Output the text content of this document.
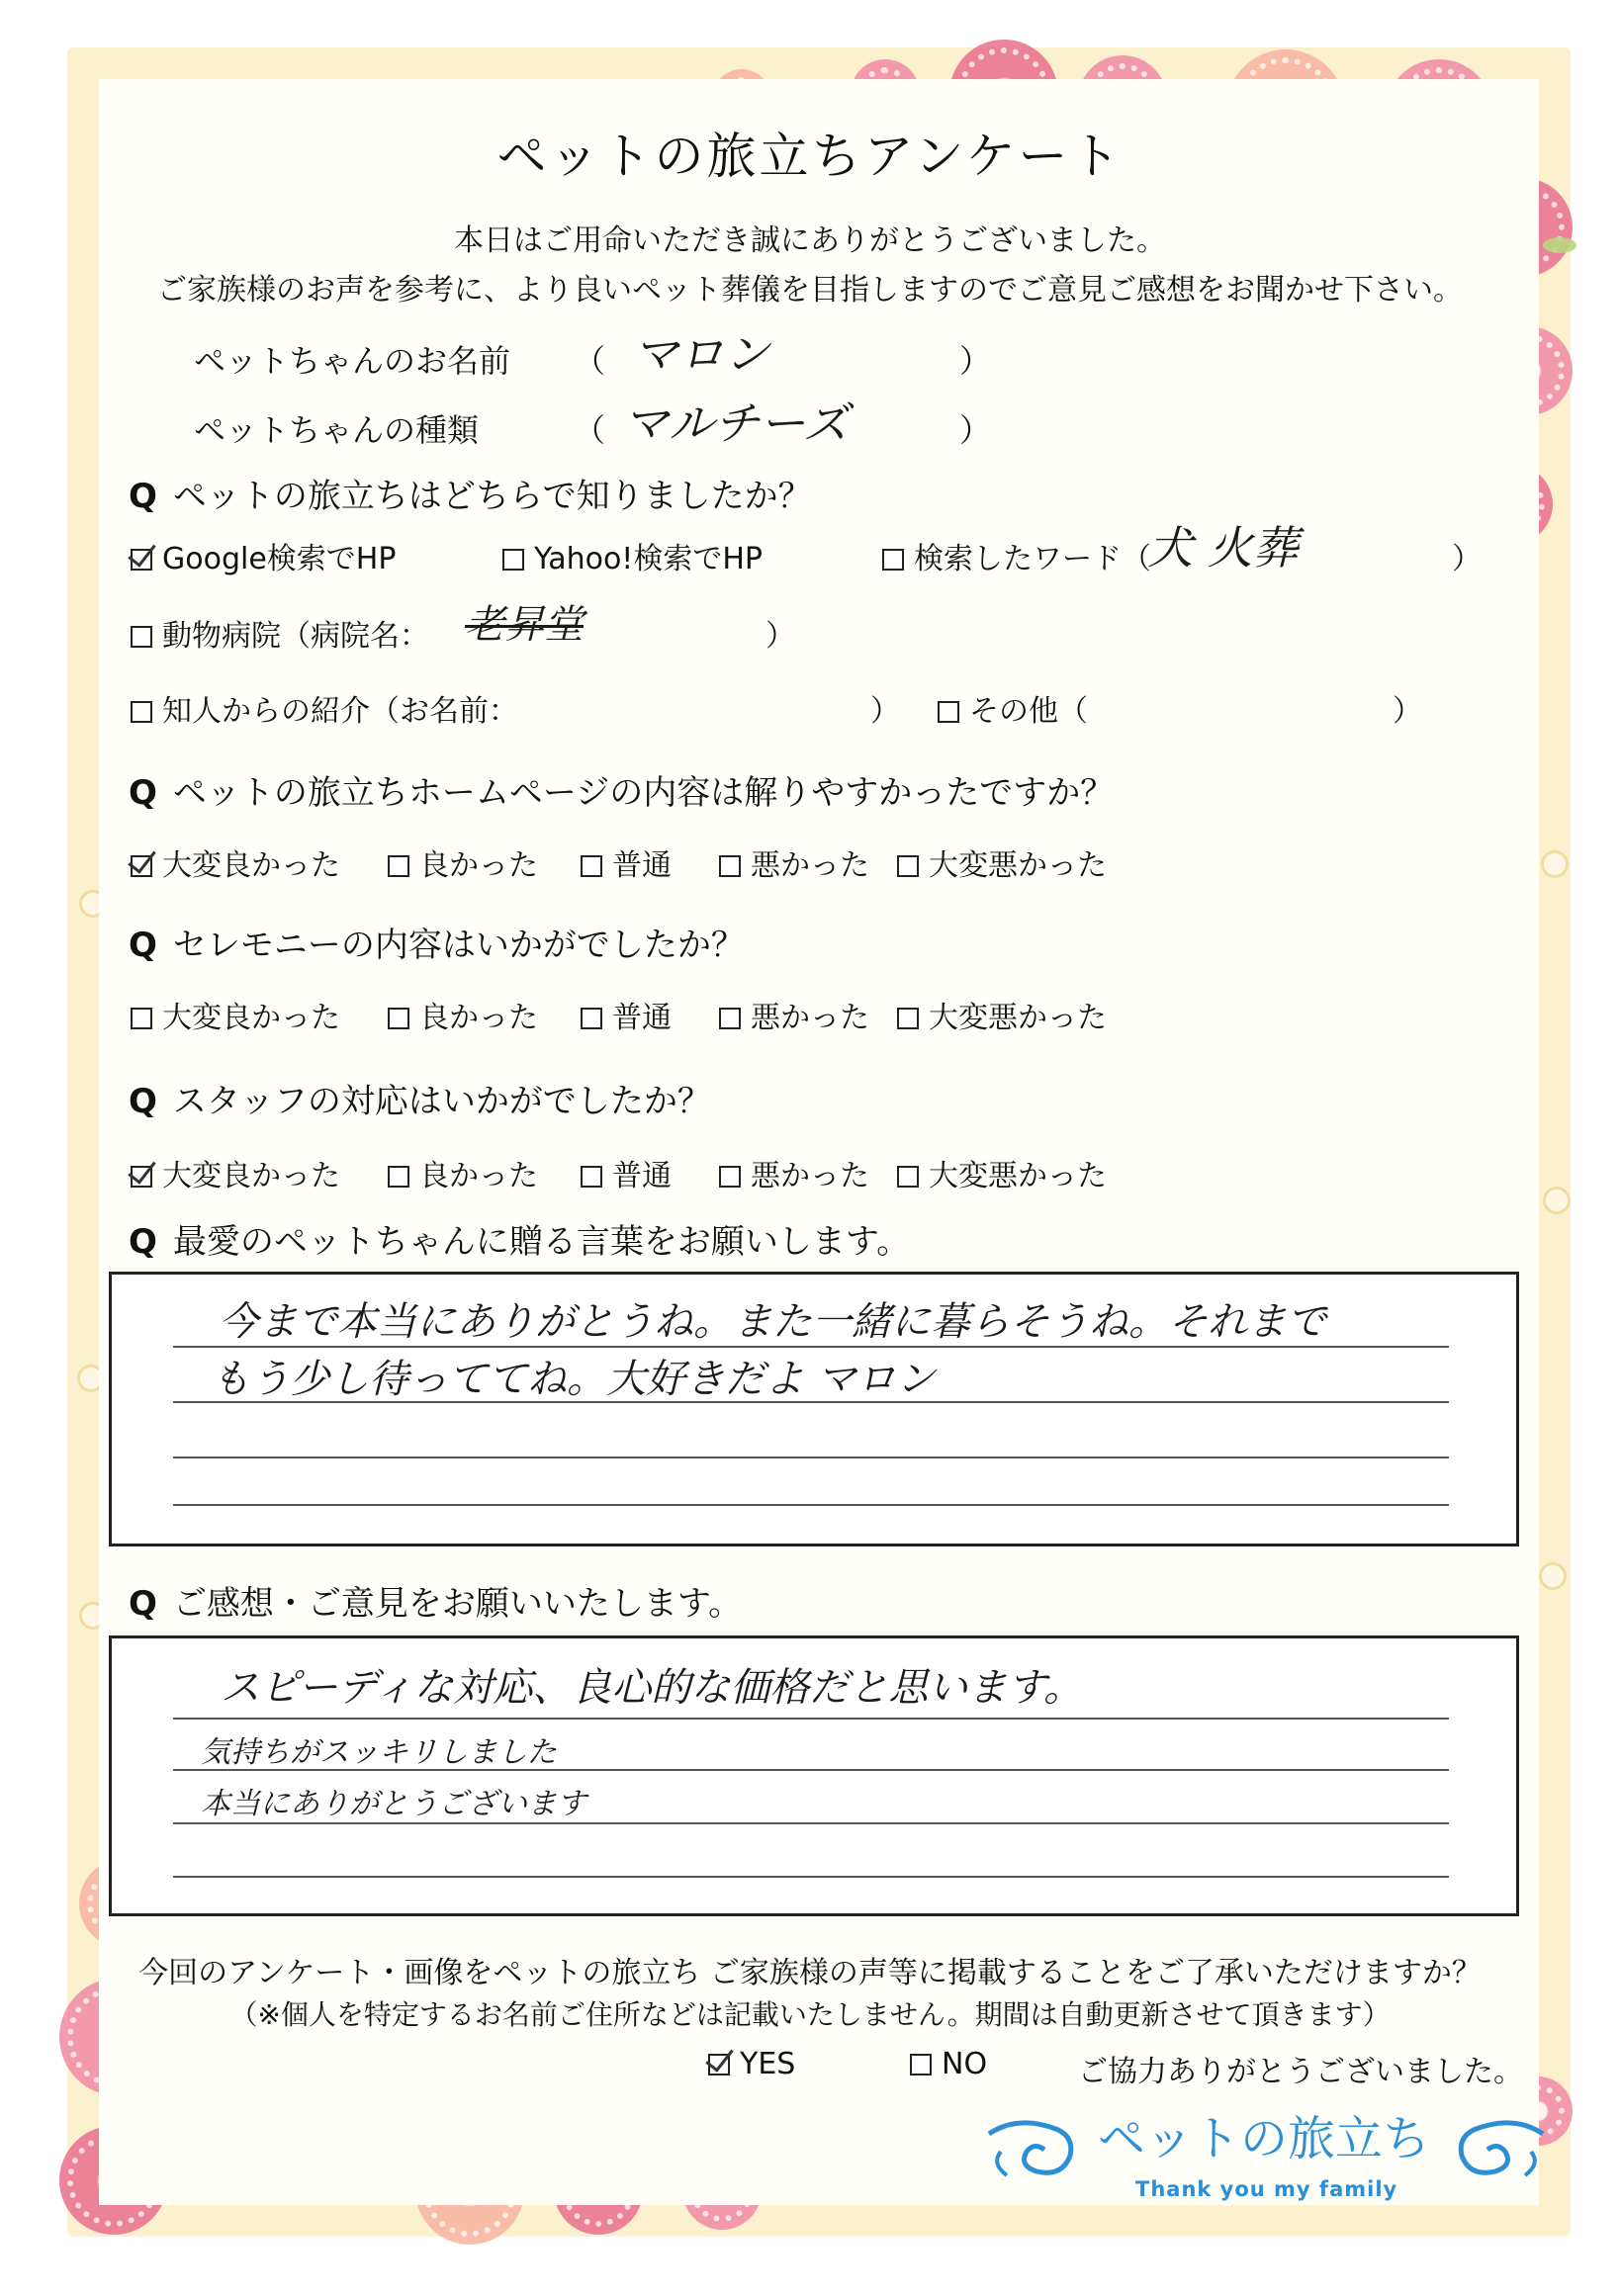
ペットの旅立ちアンケート
本日はご用命いただき誠にありがとうございました。
ご家族様のお声を参考に、より良いペット葬儀を目指しますのでご意見ご感想をお聞かせ下さい。
ペットちゃんのお名前 （ マロン	）
ペットちゃんの種類	（ マルチーズ	）
Q ペットの旅立ちはどちらで知りましたか？
Google検索でHP	Yahoo!検索でHP	検索したワード（
犬 火葬	）
動物病院（病院名： 老昇堂	）
知人からの紹介（お名前：	）	その他（	）
Q ペットの旅立ちホームページの内容は解りやすかったですか？
大変良かった	良かった	普通	悪かった	大変悪かった
Q セレモニーの内容はいかがでしたか？
大変良かった	良かった	普通	悪かった	大変悪かった
Q スタッフの対応はいかがでしたか？
大変良かった	良かった	普通	悪かった	大変悪かった
Q 最愛のペットちゃんに贈る言葉をお願いします。
今まで本当にありがとうね。また一緒に暮らそうね。それまで
もう少し待っててね。大好きだよ マロン
Q ご感想・ご意見をお願いいたします。
スピーディな対応、良心的な価格だと思います。
気持ちがスッキリしました
本当にありがとうございます
今回のアンケート・画像をペットの旅立ち ご家族様の声等に掲載することをご了承いただけますか？
（※個人を特定するお名前ご住所などは記載いたしません。期間は自動更新させて頂きます）
YES	NO	ご協力ありがとうございました。
ペットの旅立ち
Thank you my family
